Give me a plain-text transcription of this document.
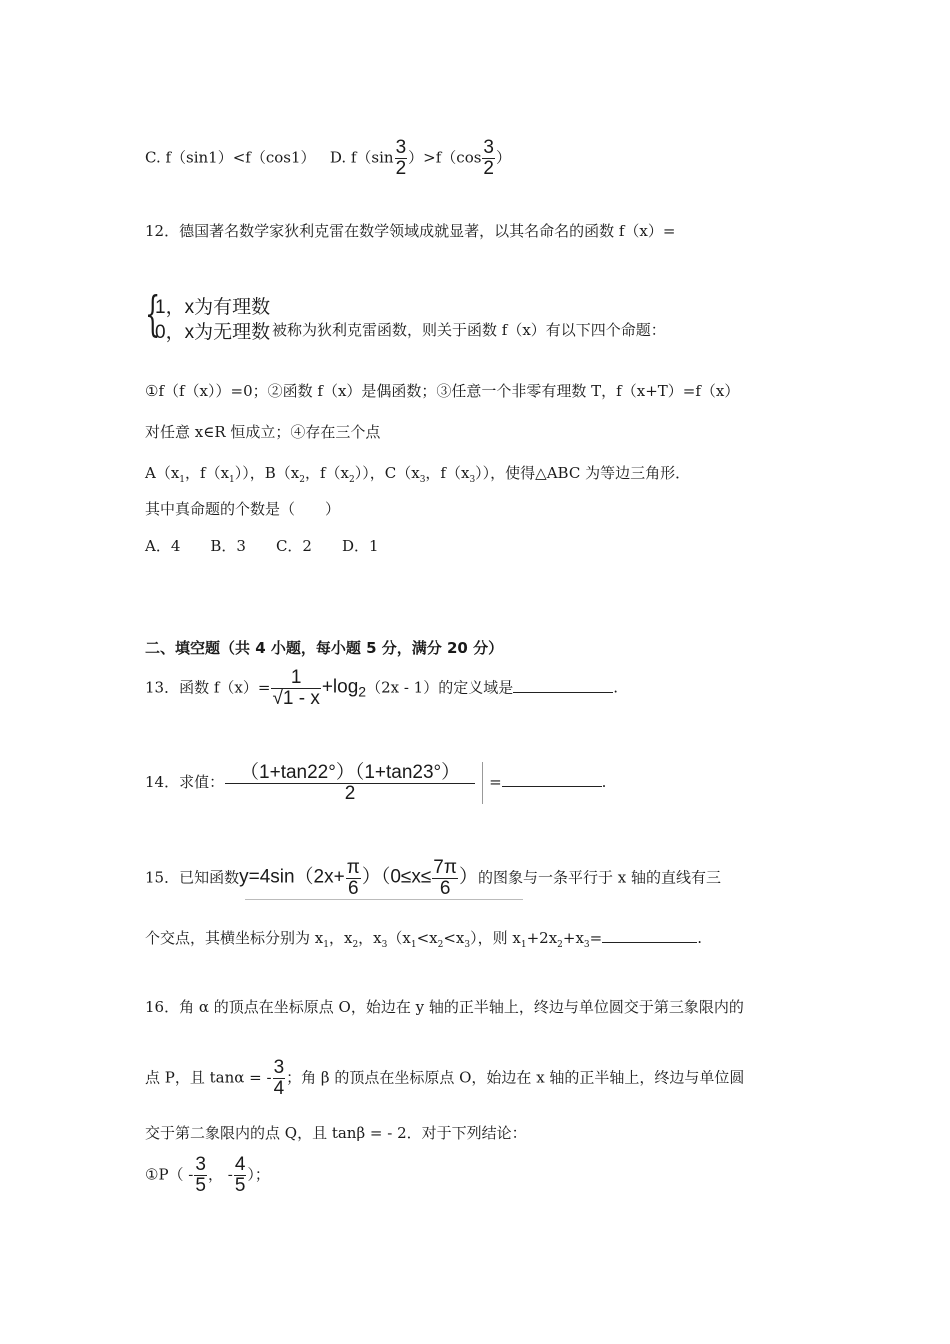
C. f（sin1）<f（cos1） D. $f(\sin \frac{3}{2} )>f(\cos \frac{3}{2}$ ）
12．德国著名数学家狄利克雷在数学领域成就显著，以其名命名的函数 f（x）=
{
1，x为有理数
0，x为无理数 被称为狄利克雷函数，则关于函数 f（x）有以下四个命题：
①f（f（x））=0；②函数 f（x）是偶函数；③任意一个非零有理数 T，f（x+T）=f（x）
对任意 x∈R 恒成立；④存在三个点
$A(x_1$，$f(x_1)$），$B(x_2$，$f(x_2)$），$C(x_3$，$f(x_3)$），使得△ABC 为等边三角形．
其中真命题的个数是（　　）
A．4　　B．3　　C．2　　D．1
二、填空题（共 4 小题，每小题 5 分，满分 20 分）
13．函数 $f(x)= \frac{1}{√1 - x} +\log_2(2x - 1)$的定义域是	.
14．求值： $\frac{(1+\tan 22^\circ)(1+\tan 23^\circ)}{2}$ =	.
15．已知函数$y=4\sin(2x+ \frac{\pi}{6} )(0\le x\le \frac{7\pi}{6}$ ）的图象与一条平行于 x 轴的直线有三
个交点，其横坐标分别为 $x_1$，$x_2$，$x_3(x_1<x_2<x_3)$，则 $x_1+2x_2+x_3=$	.
16．角 α 的顶点在坐标原点 O，始边在 y 轴的正半轴上，终边与单位圆交于第三象限内的
点 P，且 tanα = - $\frac{3}{4}$ ；角 β 的顶点在坐标原点 O，始边在 x 轴的正半轴上，终边与单位圆
交于第二象限内的点 Q，且 tanβ = - 2．对于下列结论：
①P（ - $\frac{3}{5}$ ， - $\frac{4}{5}$ ）；
